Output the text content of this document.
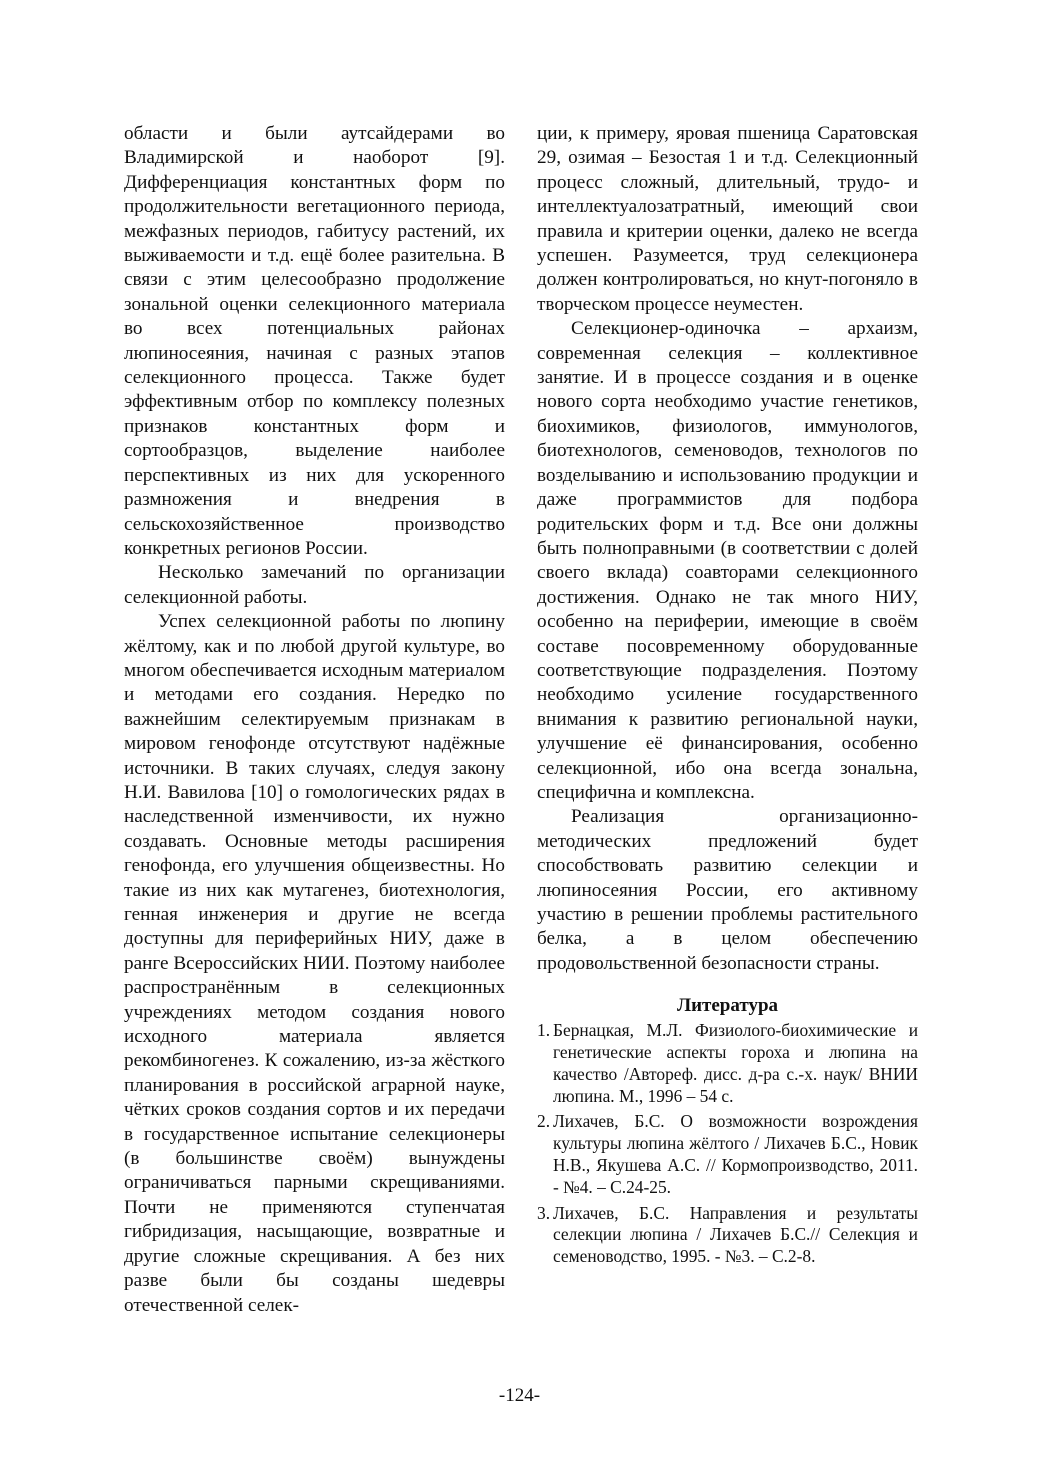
области и были аутсайдерами во Владимирской и наоборот [9]. Дифференциация константных форм по продолжительности вегетационного периода, межфазных периодов, габитусу растений, их выживаемости и т.д. ещё более разительна. В связи с этим целесообразно продолжение зональной оценки селекционного материала во всех потенциальных районах люпиносеяния, начиная с разных этапов селекционного процесса. Также будет эффективным отбор по комплексу полезных признаков константных форм и сортообразцов, выделение наиболее перспективных из них для ускоренного размножения и внедрения в сельскохозяйственное производство конкретных регионов России.

Несколько замечаний по организации селекционной работы.

Успех селекционной работы по люпину жёлтому, как и по любой другой культуре, во многом обеспечивается исходным материалом и методами его создания. Нередко по важнейшим селектируемым признакам в мировом генофонде отсутствуют надёжные источники. В таких случаях, следуя закону Н.И. Вавилова [10] о гомологических рядах в наследственной изменчивости, их нужно создавать. Основные методы расширения генофонда, его улучшения общеизвестны. Но такие из них как мутагенез, биотехнология, генная инженерия и другие не всегда доступны для периферийных НИУ, даже в ранге Всероссийских НИИ. Поэтому наиболее распространённым в селекционных учреждениях методом создания нового исходного материала является рекомбиногенез. К сожалению, из-за жёсткого планирования в российской аграрной науке, чётких сроков создания сортов и их передачи в государственное испытание селекционеры (в большинстве своём) вынуждены ограничиваться парными скрещиваниями. Почти не применяются ступенчатая гибридизация, насыщающие, возвратные и другие сложные скрещивания. А без них разве были бы созданы шедевры отечественной селек-

ции, к примеру, яровая пшеница Саратовская 29, озимая – Безостая 1 и т.д. Селекционный процесс сложный, длительный, трудо- и интеллектуалозатратный, имеющий свои правила и критерии оценки, далеко не всегда успешен. Разумеется, труд селекционера должен контролироваться, но кнут-погоняло в творческом процессе неуместен.

Селекционер-одиночка – архаизм, современная селекция – коллективное занятие. И в процессе создания и в оценке нового сорта необходимо участие генетиков, биохимиков, физиологов, иммунологов, биотехнологов, семеноводов, технологов по возделыванию и использованию продукции и даже программистов для подбора родительских форм и т.д. Все они должны быть полноправными (в соответствии с долей своего вклада) соавторами селекционного достижения. Однако не так много НИУ, особенно на периферии, имеющие в своём составе посовременному оборудованные соответствующие подразделения. Поэтому необходимо усиление государственного внимания к развитию региональной науки, улучшение её финансирования, особенно селекционной, ибо она всегда зональна, специфична и комплексна.

Реализация организационно-методических предложений будет способствовать развитию селекции и люпиносеяния России, его активному участию в решении проблемы растительного белка, а в целом обеспечению продовольственной безопасности страны.

Литература
1. Бернацкая, М.Л. Физиолого-биохимические и генетические аспекты гороха и люпина на качество /Автореф. дисс. д-ра с.-х. наук/ ВНИИ люпина. М., 1996 – 54 с.
2. Лихачев, Б.С. О возможности возрождения культуры люпина жёлтого / Лихачев Б.С., Новик Н.В., Якушева А.С. // Кормопроизводство, 2011. - №4. – С.24-25.
3. Лихачев, Б.С. Направления и результаты селекции люпина / Лихачев Б.С.// Селекция и семеноводство, 1995. - №3. – С.2-8.
-124-
